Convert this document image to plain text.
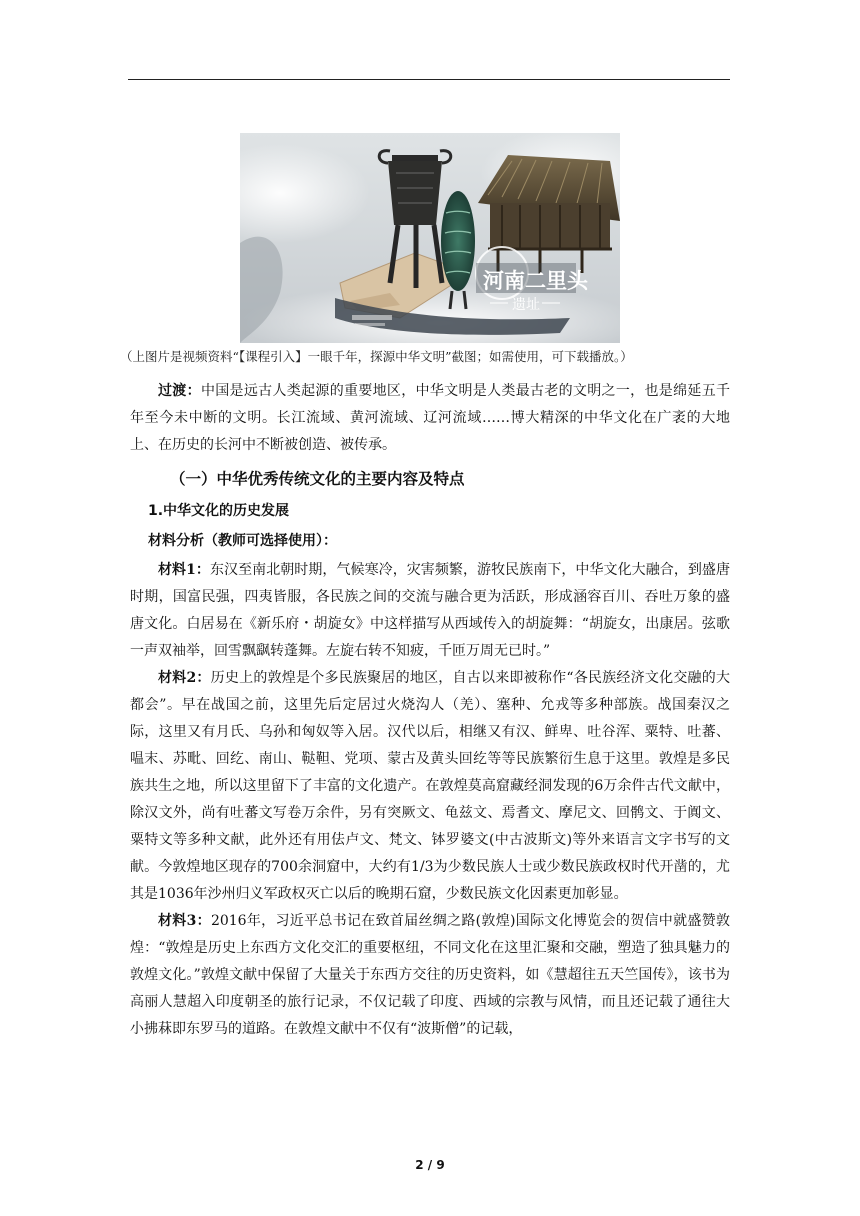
河南二里头
遗址
（上图片是视频资料“【课程引入】一眼千年，探源中华文明”截图；如需使用，可下载播放。）

过渡：中国是远古人类起源的重要地区，中华文明是人类最古老的文明之一，也是绵延五千年至今未中断的文明。长江流域、黄河流域、辽河流域……博大精深的中华文化在广袤的大地上、在历史的长河中不断被创造、被传承。

（一）中华优秀传统文化的主要内容及特点
1.中华文化的历史发展
材料分析（教师可选择使用）：

材料1：东汉至南北朝时期，气候寒冷，灾害频繁，游牧民族南下，中华文化大融合，到盛唐时期，国富民强，四夷皆服，各民族之间的交流与融合更为活跃，形成涵容百川、吞吐万象的盛唐文化。白居易在《新乐府・胡旋女》中这样描写从西域传入的胡旋舞：“胡旋女，出康居。弦歌一声双袖举，回雪飘飖转蓬舞。左旋右转不知疲，千匝万周无已时。”

材料2：历史上的敦煌是个多民族聚居的地区，自古以来即被称作“各民族经济文化交融的大都会”。早在战国之前，这里先后定居过火烧沟人（羌）、塞种、允戎等多种部族。战国秦汉之际，这里又有月氏、乌孙和匈奴等入居。汉代以后，相继又有汉、鲜卑、吐谷浑、粟特、吐蕃、嗢末、苏毗、回纥、南山、鞑靼、党项、蒙古及黄头回纥等等民族繁衍生息于这里。敦煌是多民族共生之地，所以这里留下了丰富的文化遗产。在敦煌莫高窟藏经洞发现的6万余件古代文献中，除汉文外，尚有吐蕃文写卷万余件，另有突厥文、龟兹文、焉耆文、摩尼文、回鹘文、于阗文、粟特文等多种文献，此外还有用佉卢文、梵文、钵罗婆文(中古波斯文)等外来语言文字书写的文献。今敦煌地区现存的700余洞窟中，大约有1/3为少数民族人士或少数民族政权时代开凿的，尤其是1036年沙州归义军政权灭亡以后的晚期石窟，少数民族文化因素更加彰显。

材料3：2016年，习近平总书记在致首届丝绸之路(敦煌)国际文化博览会的贺信中就盛赞敦煌：“敦煌是历史上东西方文化交汇的重要枢纽，不同文化在这里汇聚和交融，塑造了独具魅力的敦煌文化。”敦煌文献中保留了大量关于东西方交往的历史资料，如《慧超往五天竺国传》，该书为高丽人慧超入印度朝圣的旅行记录，不仅记载了印度、西域的宗教与风情，而且还记载了通往大小拂菻即东罗马的道路。在敦煌文献中不仅有“波斯僧”的记载，

2 / 9
